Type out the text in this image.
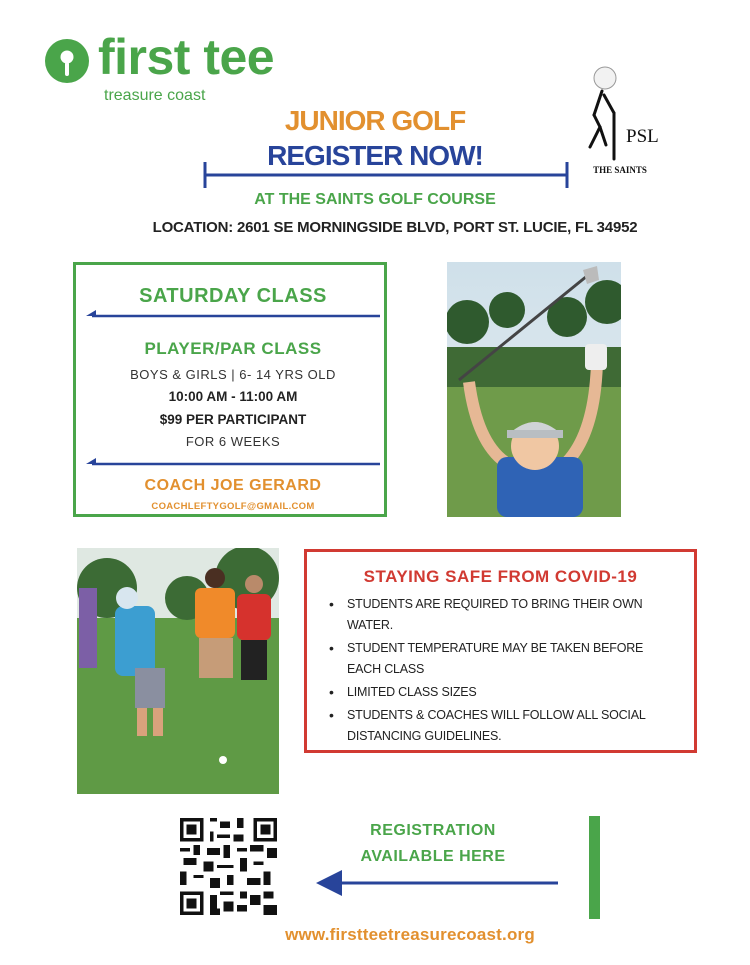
first tee
treasure coast
JUNIOR GOLF
REGISTER NOW!
PSL
THE SAINTS
AT THE SAINTS GOLF COURSE
LOCATION: 2601 SE MORNINGSIDE BLVD, PORT ST. LUCIE, FL 34952
SATURDAY CLASS
PLAYER/PAR CLASS
BOYS & GIRLS | 6- 14 YRS OLD
10:00 AM - 11:00 AM
$99 PER PARTICIPANT
FOR 6 WEEKS
COACH JOE GERARD
COACHLEFTYGOLF@GMAIL.COM
STAYING SAFE FROM COVID-19
• STUDENTS ARE REQUIRED TO BRING THEIR OWN WATER.
• STUDENT TEMPERATURE MAY BE TAKEN BEFORE EACH CLASS
• LIMITED CLASS SIZES
• STUDENTS & COACHES WILL FOLLOW ALL SOCIAL DISTANCING GUIDELINES.
REGISTRATION
AVAILABLE HERE
www.firstteetreasurecoast.org
